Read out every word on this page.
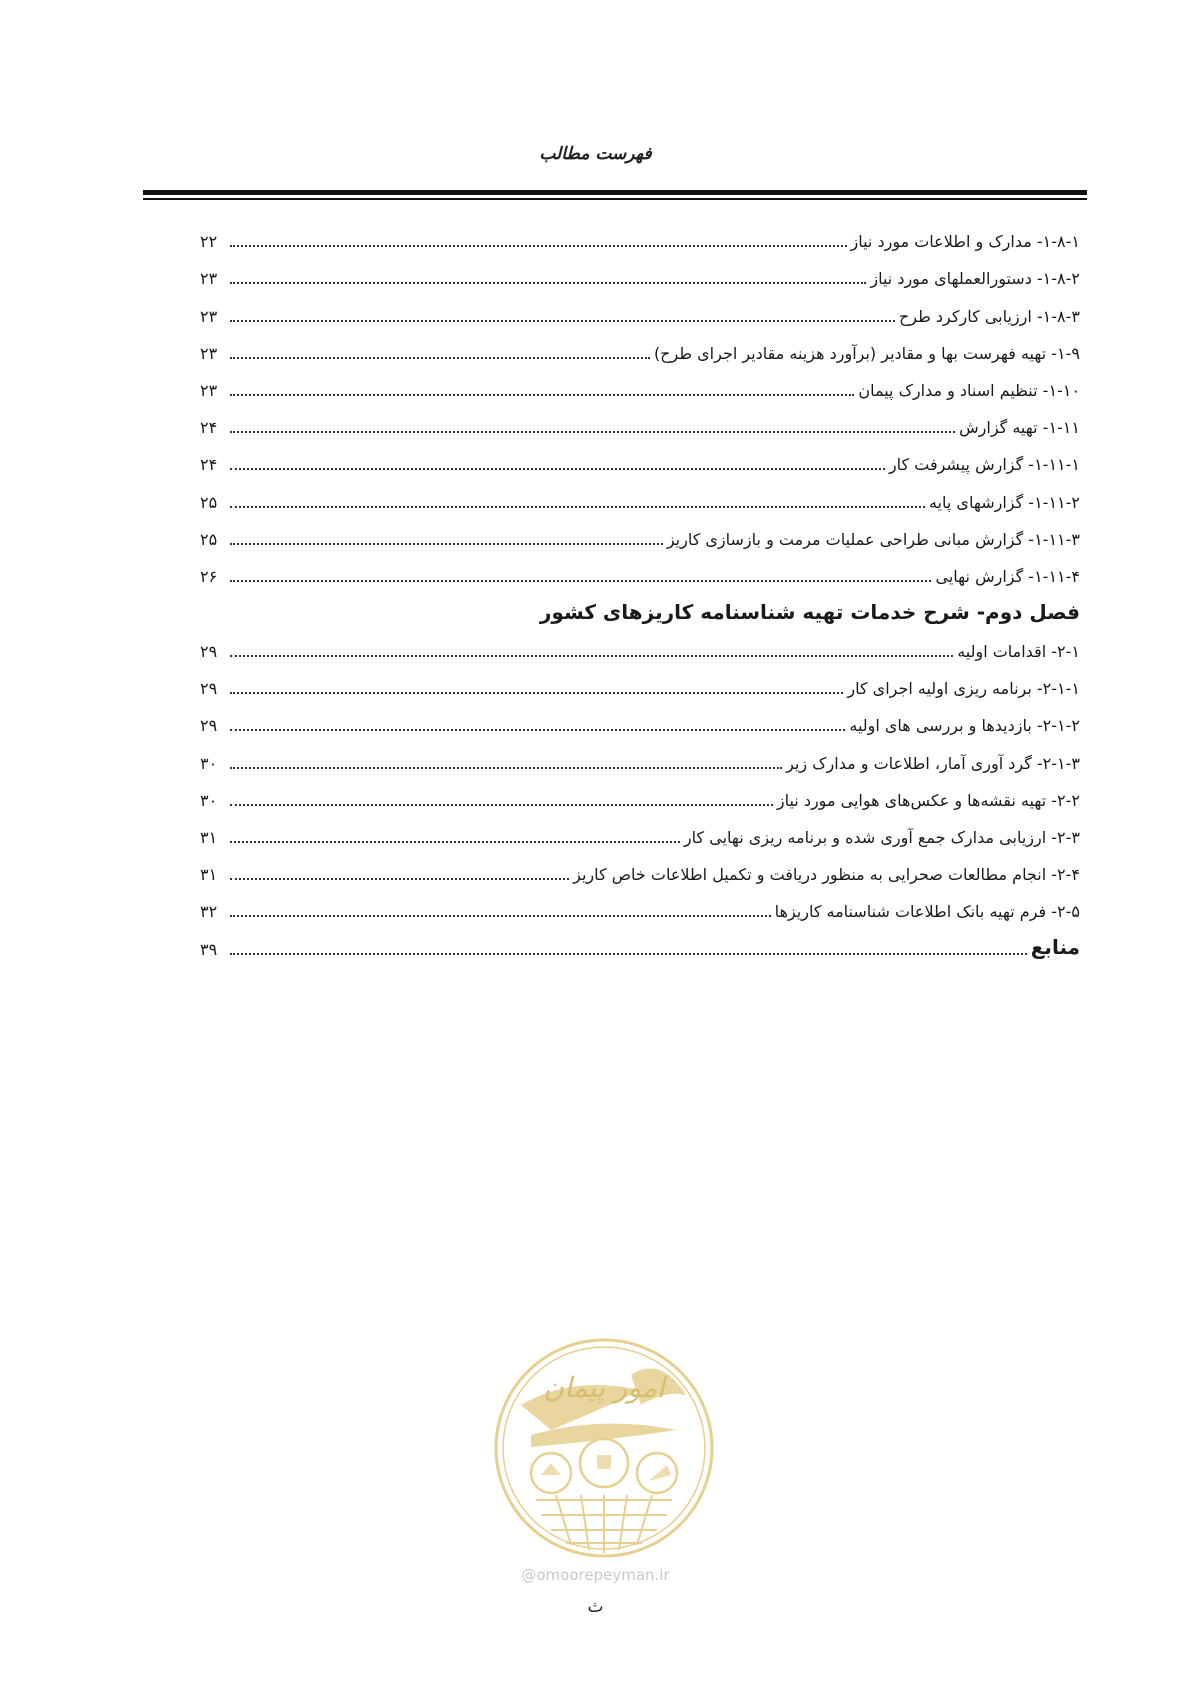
فهرست مطالب
۱-۸-۱- مدارک و اطلاعات مورد نیاز
۲۲
۱-۸-۲- دستورالعملهای مورد نیاز
۲۳
۱-۸-۳- ارزیابی کارکرد طرح
۲۳
۱-۹- تهیه فهرست بها و مقادیر (برآورد هزینه مقادیر اجرای طرح)
۲۳
۱-۱۰- تنظیم اسناد و مدارک پیمان
۲۳
۱-۱۱- تهیه گزارش
۲۴
۱-۱۱-۱- گزارش پیشرفت کار
۲۴
۱-۱۱-۲- گزارشهای پایه
۲۵
۱-۱۱-۳- گزارش مبانی طراحی عملیات مرمت و بازسازی کاریز
۲۵
۱-۱۱-۴- گزارش نهایی
۲۶
فصل دوم- شرح خدمات تهیه شناسنامه کاریزهای کشور
۲-۱- اقدامات اولیه
۲۹
۲-۱-۱- برنامه ریزی اولیه اجرای کار
۲۹
۲-۱-۲- بازدیدها و بررسی های اولیه
۲۹
۲-۱-۳- گرد آوری آمار، اطلاعات و مدارک زیر
۳۰
۲-۲- تهیه نقشه‌ها و عکس‌های هوایی مورد نیاز
۳۰
۲-۳- ارزیابی مدارک جمع آوری شده و برنامه ریزی نهایی کار
۳۱
۲-۴- انجام مطالعات صحرایی به منظور دریافت و تکمیل اطلاعات خاص کاریز
۳۱
۲-۵- فرم تهیه بانک اطلاعات شناسنامه کاریزها
۳۲
منابع
۳۹
امور پیمان
@omoorepeyman.ir
ث
